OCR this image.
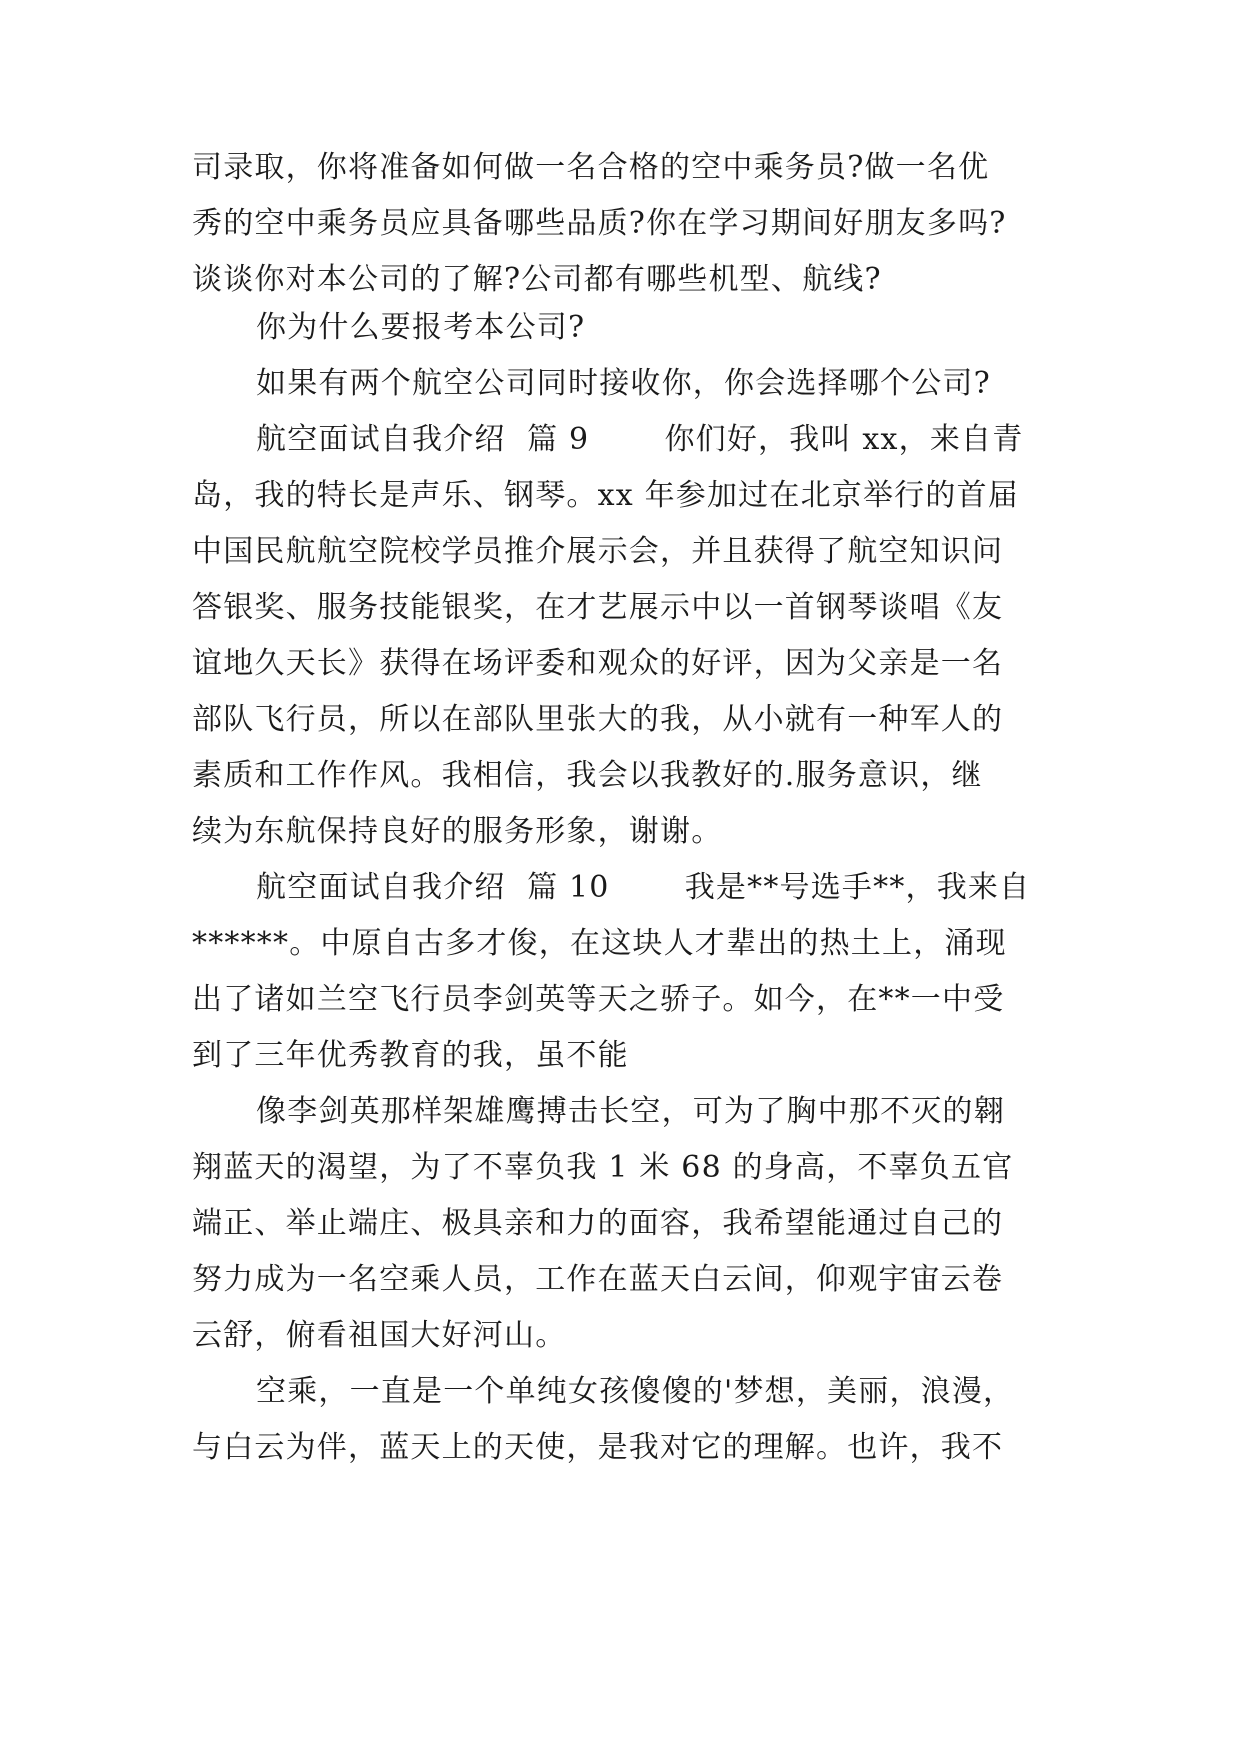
司录取，你将准备如何做一名合格的空中乘务员?做一名优
秀的空中乘务员应具备哪些品质?你在学习期间好朋友多吗?
谈谈你对本公司的了解?公司都有哪些机型、航线?
你为什么要报考本公司?
如果有两个航空公司同时接收你，你会选择哪个公司?
航空面试自我介绍  篇 9       你们好，我叫 xx，来自青
岛，我的特长是声乐、钢琴。xx 年参加过在北京举行的首届
中国民航航空院校学员推介展示会，并且获得了航空知识问
答银奖、服务技能银奖，在才艺展示中以一首钢琴谈唱《友
谊地久天长》获得在场评委和观众的好评，因为父亲是一名
部队飞行员，所以在部队里张大的我，从小就有一种军人的
素质和工作作风。我相信，我会以我教好的.服务意识，继
续为东航保持良好的服务形象，谢谢。
航空面试自我介绍  篇 10       我是**号选手**，我来自
******。中原自古多才俊，在这块人才辈出的热土上，涌现
出了诸如兰空飞行员李剑英等天之骄子。如今，在**一中受
到了三年优秀教育的我，虽不能
像李剑英那样架雄鹰搏击长空，可为了胸中那不灭的翱
翔蓝天的渴望，为了不辜负我 1 米 68 的身高，不辜负五官
端正、举止端庄、极具亲和力的面容，我希望能通过自己的
努力成为一名空乘人员，工作在蓝天白云间，仰观宇宙云卷
云舒，俯看祖国大好河山。
空乘，一直是一个单纯女孩傻傻的'梦想，美丽，浪漫，
与白云为伴，蓝天上的天使，是我对它的理解。也许，我不
